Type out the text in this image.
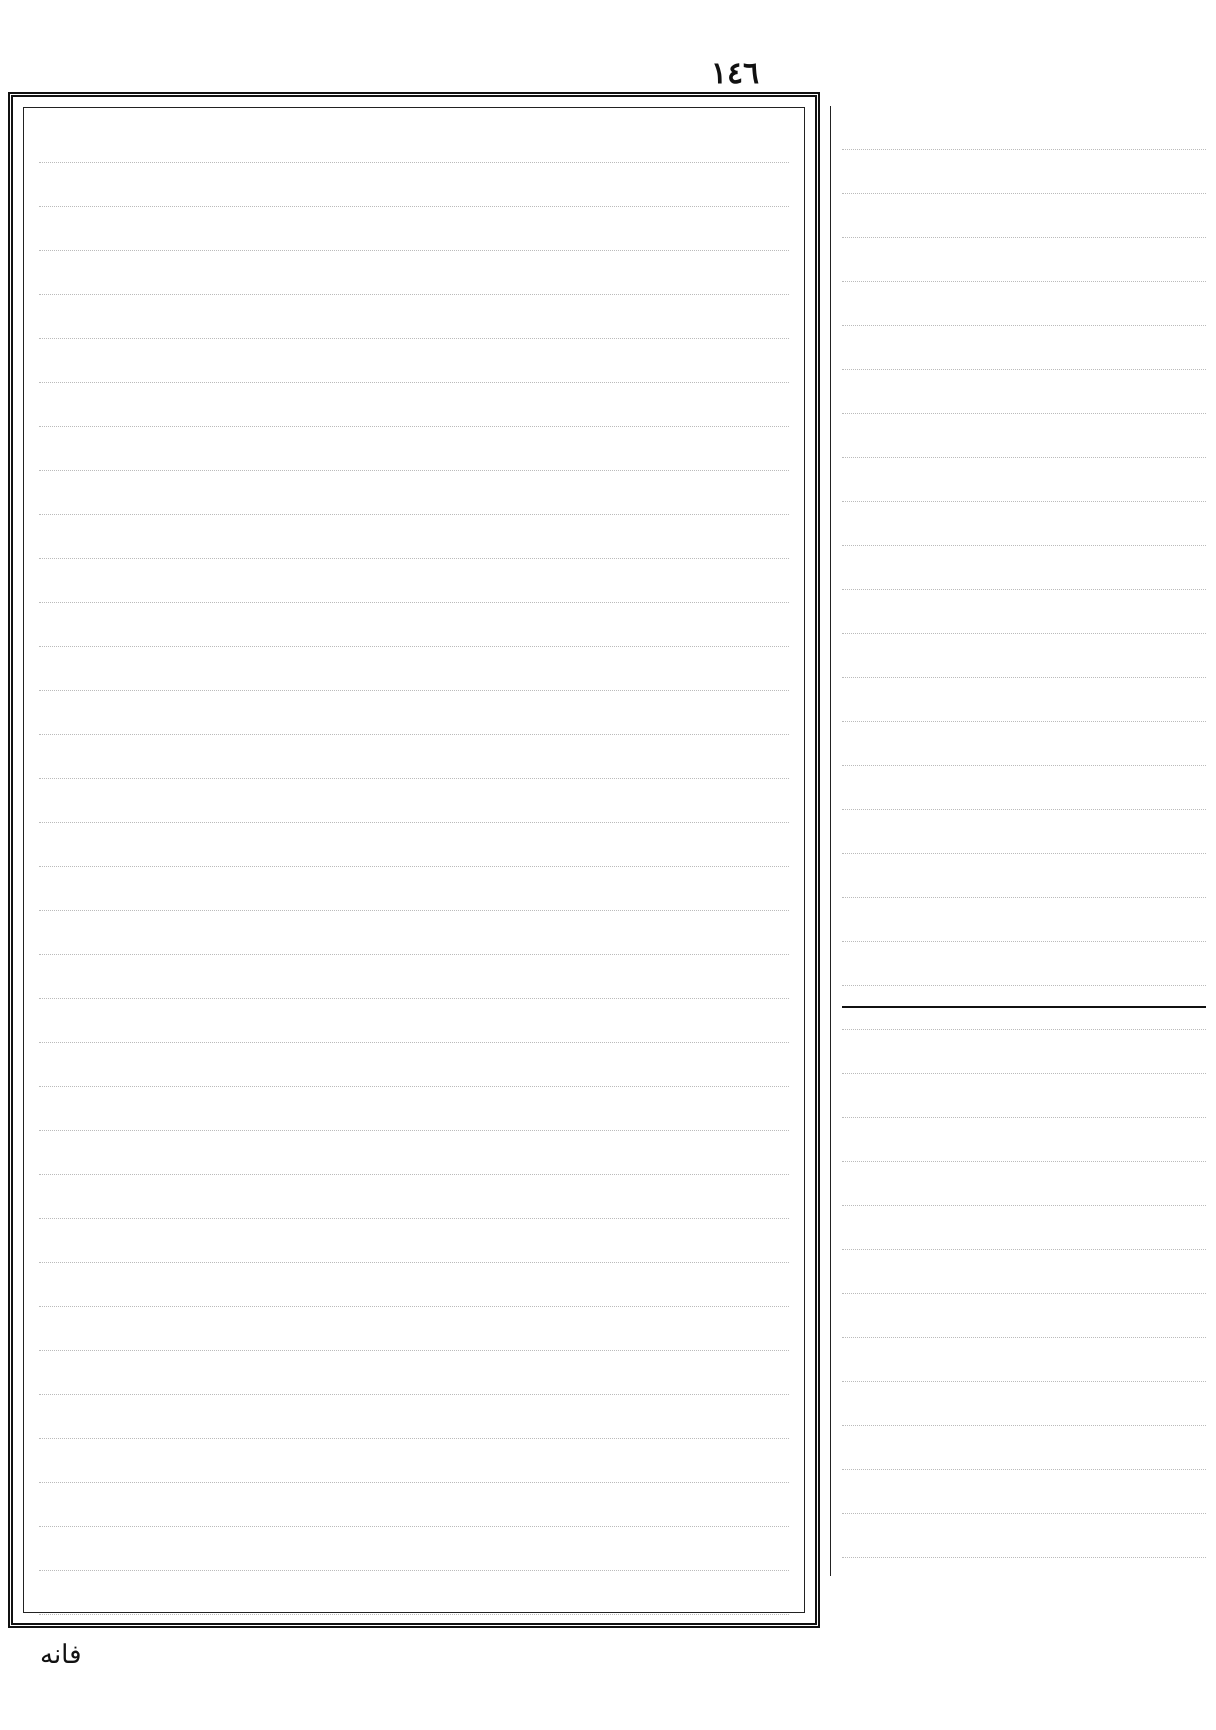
١٤٦
فانه
